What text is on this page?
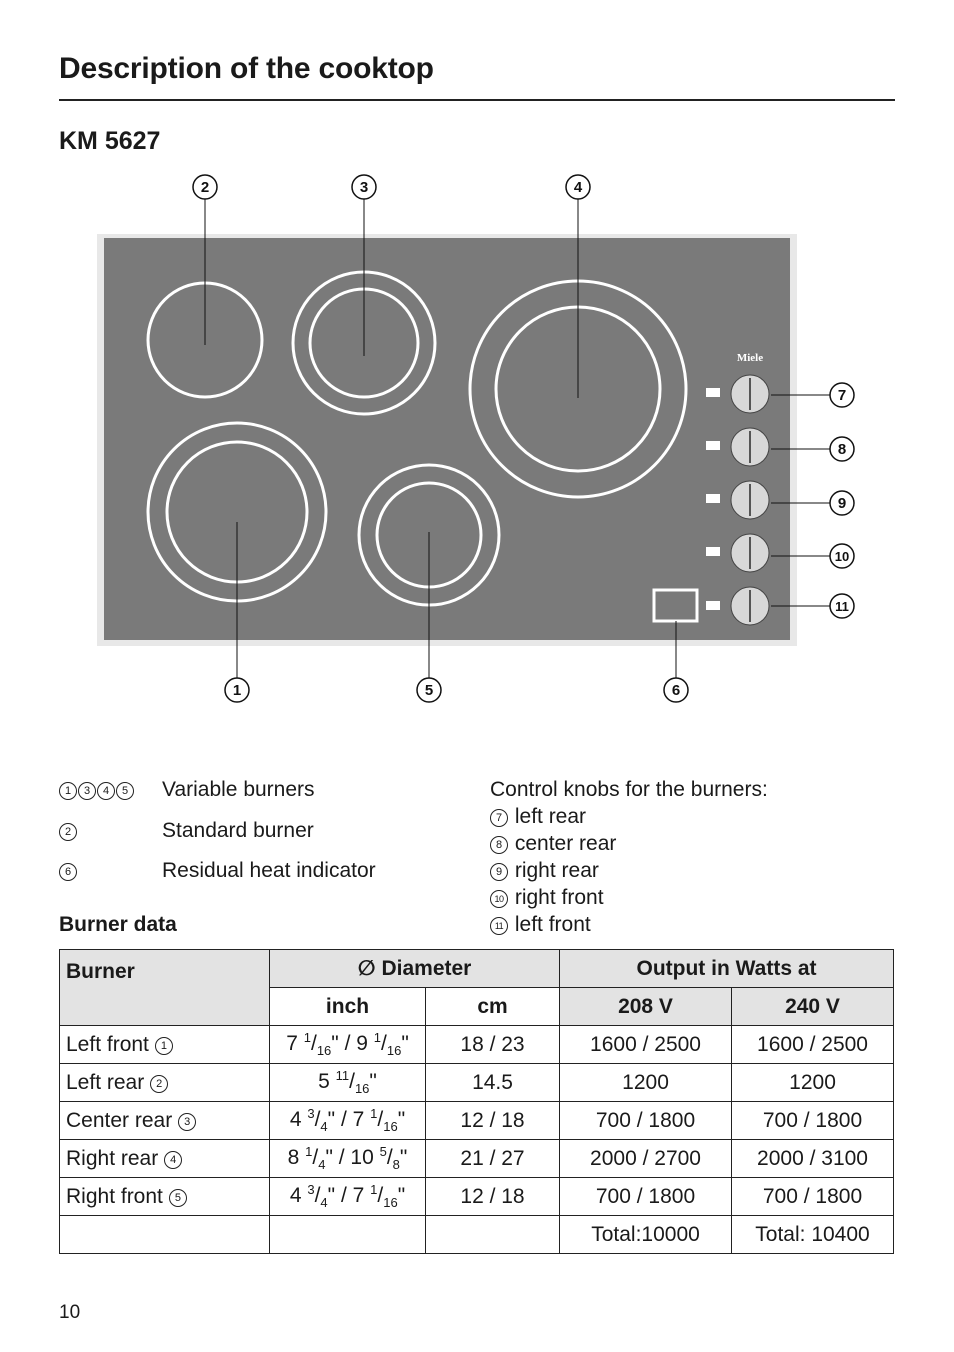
Description of the cooktop
KM 5627
Miele
2	3	4
1	5	6
7
8
9
10
11
1 3 4 5	Variable burners
2	Standard burner
6	Residual heat indicator
Control knobs for the burners:
7 left rear
8 center rear
9 right rear
10 right front
11 left front
Burner data
Burner	∅ Diameter		Output in Watts at	
	inch	cm	208 V	240 V
Left front 1	7 $^1/_{16}$" / 9 $^1/_{16}$"	18 / 23	1600 / 2500	1600 / 2500
Left rear 2	5 $^{11}/_{16}$"	14.5	1200	1200
Center rear 3	4 $^3/_4$" / 7 $^1/_{16}$"	12 / 18	700 / 1800	700 / 1800
Right rear 4	8 $^1/_4$" / 10 $^5/_8$"	21 / 27	2000 / 2700	2000 / 3100
Right front 5	4 $^3/_4$" / 7 $^1/_{16}$"	12 / 18	700 / 1800	700 / 1800
			Total:10000	Total: 10400
10
